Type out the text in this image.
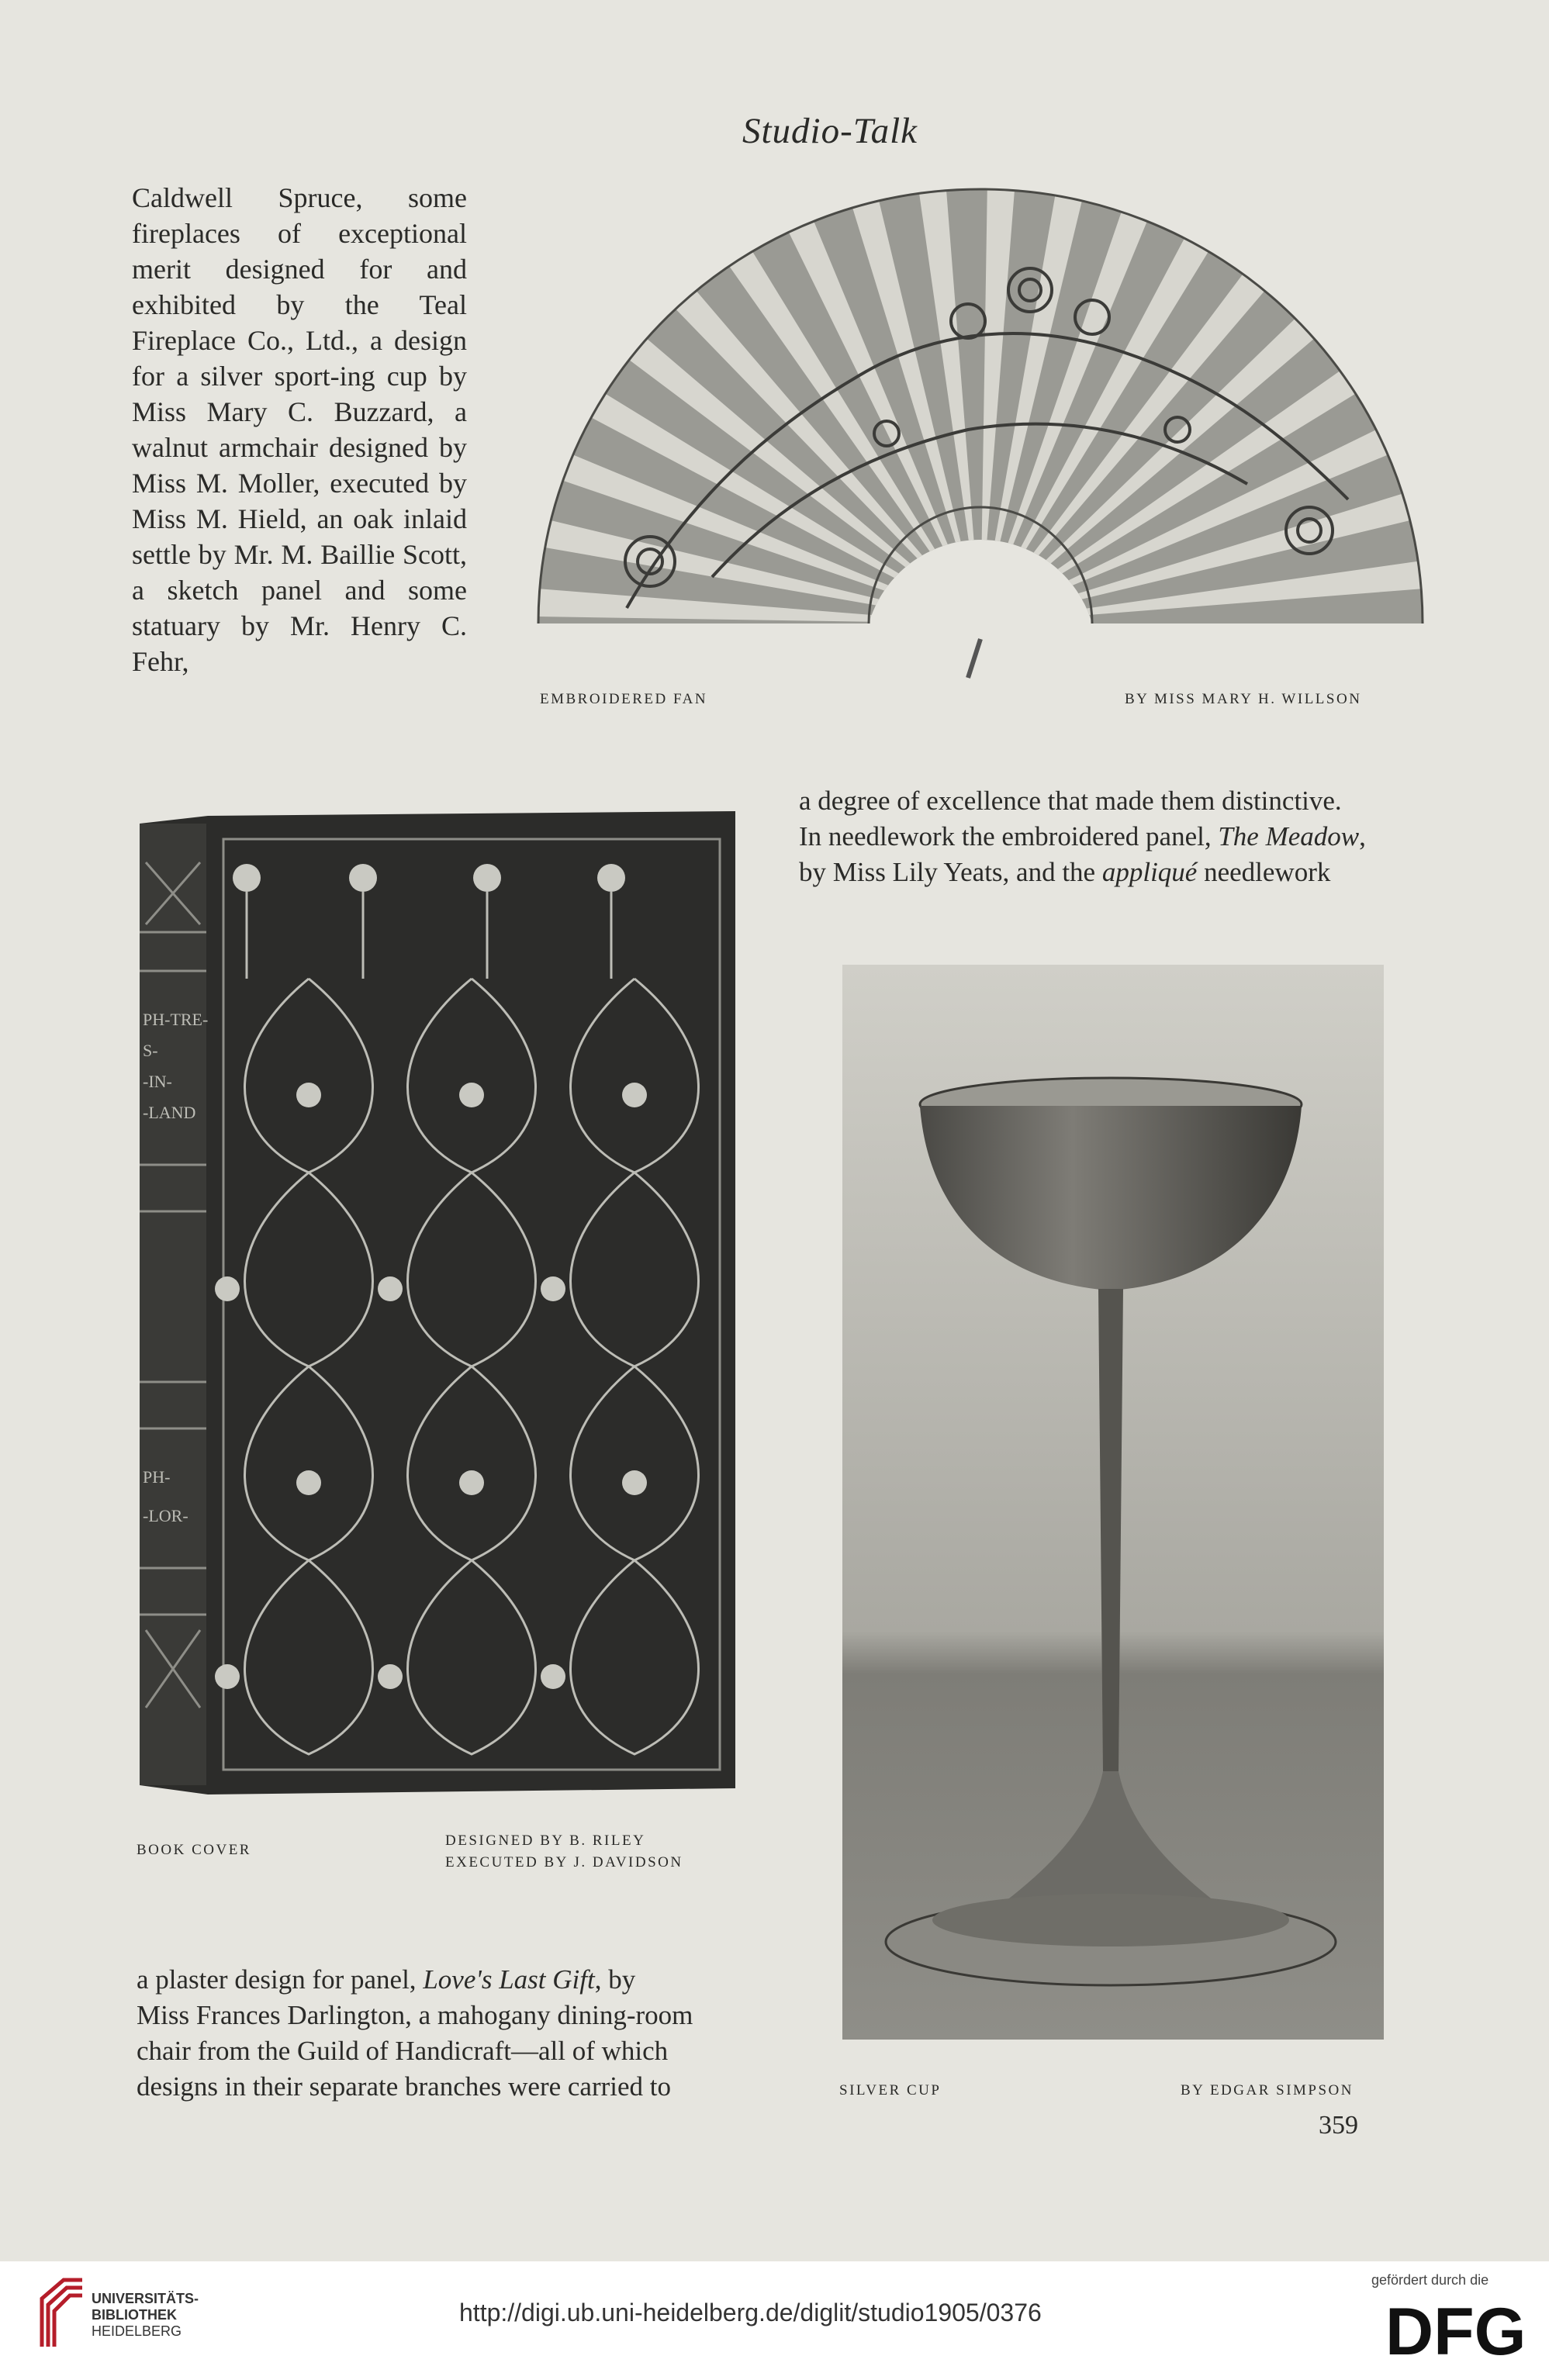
Studio-Talk

Caldwell Spruce, some fireplaces of exceptional merit designed for and exhibited by the Teal Fireplace Co., Ltd., a design for a silver sport-ing cup by Miss Mary C. Buzzard, a walnut armchair designed by Miss M. Moller, executed by Miss M. Hield, an oak inlaid settle by Mr. M. Baillie Scott, a sketch panel and some statuary by Mr. Henry C. Fehr,

EMBROIDERED FAN	BY MISS MARY H. WILLSON

a degree of excellence that made them distinctive.

In needlework the embroidered panel, The Meadow,

by Miss Lily Yeats, and the appliqué needlework

PH-TRE-
S-
-IN-
-LAND
PH-
-LOR-
BOOK COVER
DESIGNED BY B. RILEY
EXECUTED BY J. DAVIDSON

a plaster design for panel, Love's Last Gift, by

Miss Frances Darlington, a mahogany dining-room

chair from the Guild of Handicraft—all of which

designs in their separate branches were carried to	SILVER CUP	BY EDGAR SIMPSON
359
UNIVERSITÄTS-
BIBLIOTHEK
HEIDELBERG
http://digi.ub.uni-heidelberg.de/diglit/studio1905/0376
gefördert durch die
DFG
